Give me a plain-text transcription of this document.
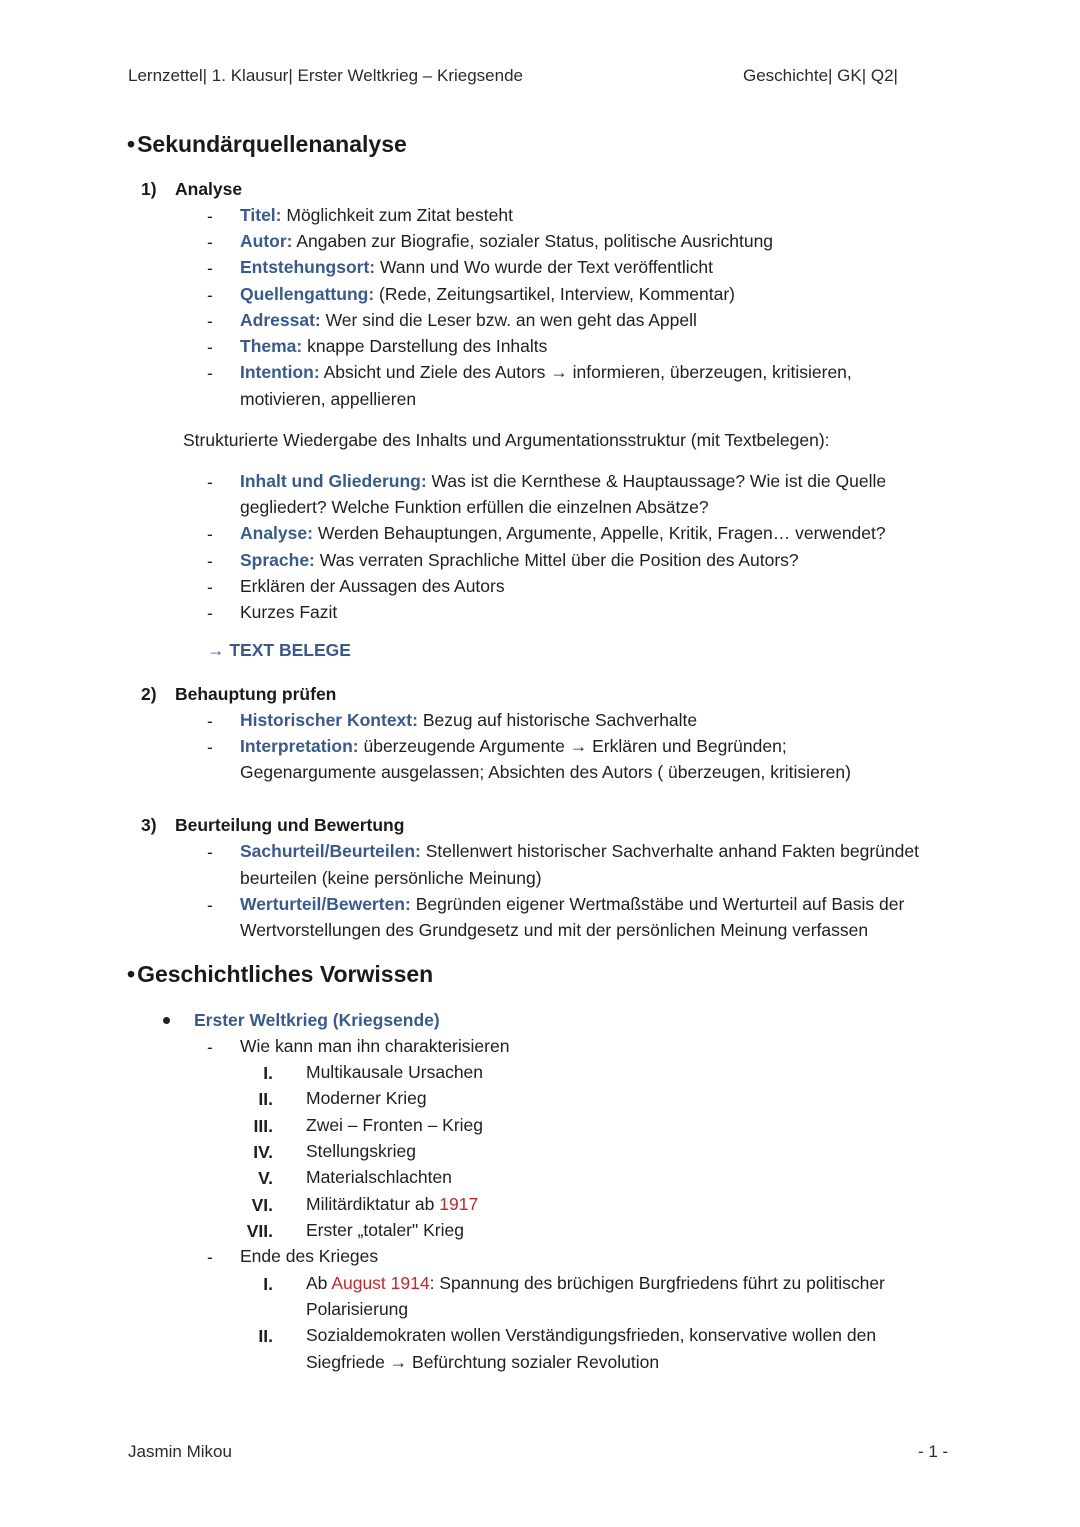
Lernzettel| 1. Klausur| Erster Weltkrieg – Kriegsende	Geschichte| GK| Q2|
•Sekundärquellenanalyse
1) Analyse
- Titel: Möglichkeit zum Zitat besteht
- Autor: Angaben zur Biografie, sozialer Status, politische Ausrichtung
- Entstehungsort: Wann und Wo wurde der Text veröffentlicht
- Quellengattung: (Rede, Zeitungsartikel, Interview, Kommentar)
- Adressat: Wer sind die Leser bzw. an wen geht das Appell
- Thema: knappe Darstellung des Inhalts
- Intention: Absicht und Ziele des Autors → informieren, überzeugen, kritisieren,
motivieren, appellieren
Strukturierte Wiedergabe des Inhalts und Argumentationsstruktur (mit Textbelegen):
- Inhalt und Gliederung: Was ist die Kernthese & Hauptaussage? Wie ist die Quelle
gegliedert? Welche Funktion erfüllen die einzelnen Absätze?
- Analyse: Werden Behauptungen, Argumente, Appelle, Kritik, Fragen… verwendet?
- Sprache: Was verraten Sprachliche Mittel über die Position des Autors?
- Erklären der Aussagen des Autors
- Kurzes Fazit
→ TEXT BELEGE
2) Behauptung prüfen
- Historischer Kontext: Bezug auf historische Sachverhalte
- Interpretation: überzeugende Argumente → Erklären und Begründen;
Gegenargumente ausgelassen; Absichten des Autors ( überzeugen, kritisieren)
3) Beurteilung und Bewertung
- Sachurteil/Beurteilen: Stellenwert historischer Sachverhalte anhand Fakten begründet
beurteilen (keine persönliche Meinung)
- Werturteil/Bewerten: Begründen eigener Wertmaßstäbe und Werturteil auf Basis der
Wertvorstellungen des Grundgesetz und mit der persönlichen Meinung verfassen
•Geschichtliches Vorwissen
Erster Weltkrieg (Kriegsende)
- Wie kann man ihn charakterisieren
I. Multikausale Ursachen
II. Moderner Krieg
III. Zwei – Fronten – Krieg
IV. Stellungskrieg
V. Materialschlachten
VI. Militärdiktatur ab 1917
VII. Erster „totaler" Krieg
- Ende des Krieges
I. Ab August 1914: Spannung des brüchigen Burgfriedens führt zu politischer
Polarisierung
II. Sozialdemokraten wollen Verständigungsfrieden, konservative wollen den
Siegfriede → Befürchtung sozialer Revolution
Jasmin Mikou	- 1 -
